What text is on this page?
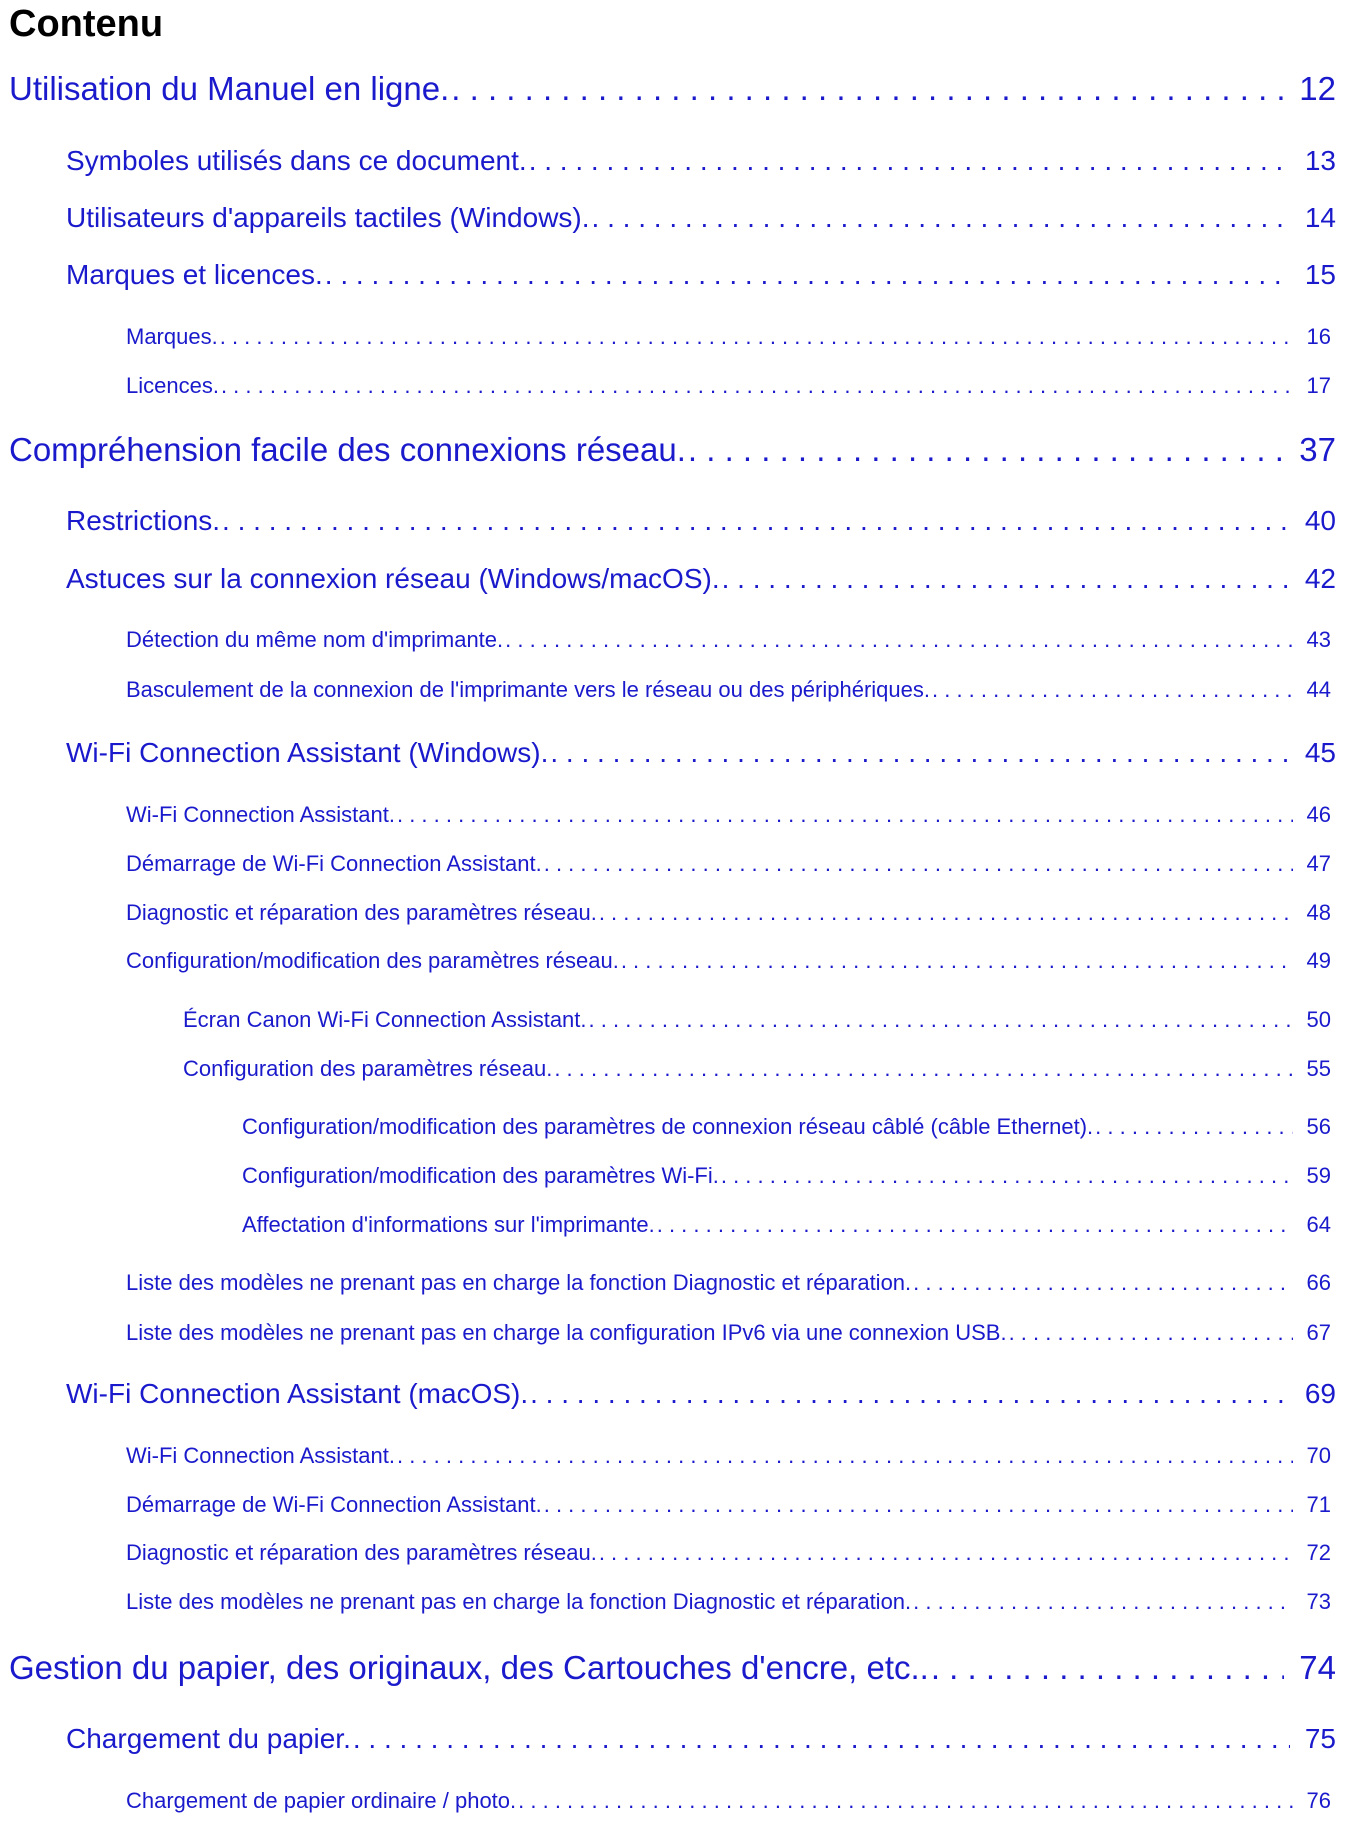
Contenu
Utilisation du Manuel en ligne. . . .	12
Symboles utilisés dans ce document. . . .	13
Utilisateurs d'appareils tactiles (Windows). . . .	14
Marques et licences. . . .	15
Marques. . . .	16
Licences. . . .	17
Compréhension facile des connexions réseau. . . .	37
Restrictions. . . .	40
Astuces sur la connexion réseau (Windows/macOS). . . .	42
Détection du même nom d'imprimante. . . .	43
Basculement de la connexion de l'imprimante vers le réseau ou des périphériques. . . .	44
Wi-Fi Connection Assistant (Windows). . . .	45
Wi-Fi Connection Assistant. . . .	46
Démarrage de Wi-Fi Connection Assistant. . . .	47
Diagnostic et réparation des paramètres réseau. . . .	48
Configuration/modification des paramètres réseau. . . .	49
Écran Canon Wi-Fi Connection Assistant. . . .	50
Configuration des paramètres réseau. . . .	55
Configuration/modification des paramètres de connexion réseau câblé (câble Ethernet). . . .	56
Configuration/modification des paramètres Wi-Fi. . . .	59
Affectation d'informations sur l'imprimante. . . .	64
Liste des modèles ne prenant pas en charge la fonction Diagnostic et réparation. . . .	66
Liste des modèles ne prenant pas en charge la configuration IPv6 via une connexion USB. . . .	67
Wi-Fi Connection Assistant (macOS). . . .	69
Wi-Fi Connection Assistant. . . .	70
Démarrage de Wi-Fi Connection Assistant. . . .	71
Diagnostic et réparation des paramètres réseau. . . .	72
Liste des modèles ne prenant pas en charge la fonction Diagnostic et réparation. . . .	73
Gestion du papier, des originaux, des Cartouches d'encre, etc.. . . .	74
Chargement du papier. . . .	75
Chargement de papier ordinaire / photo. . . .	76
